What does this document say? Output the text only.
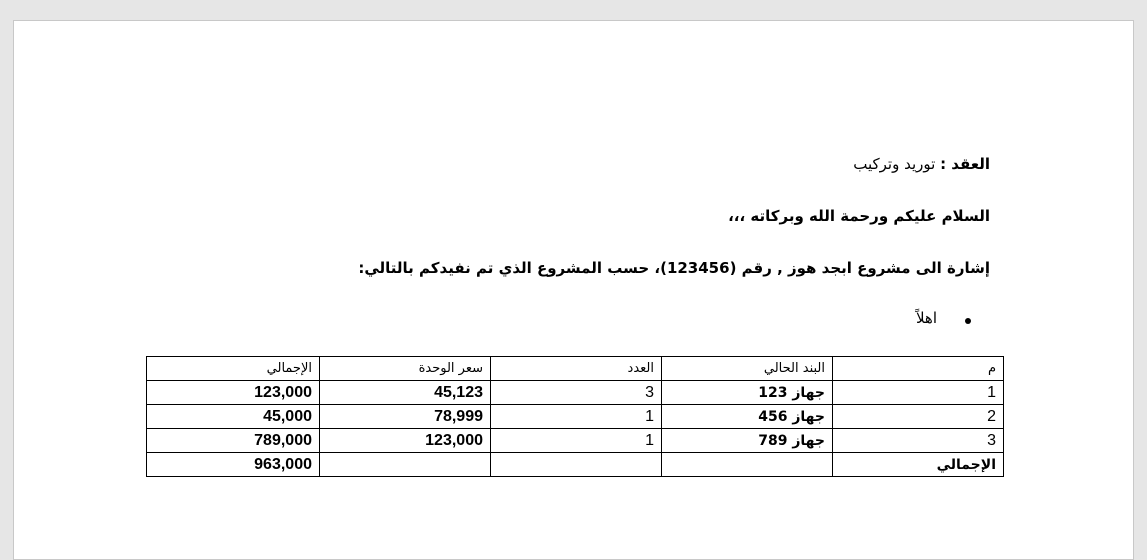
العقد : توريد وتركيب
السلام عليكم ورحمة الله وبركاته ،،،
إشارة الى مشروع ابجد هوز , رقم (123456)، حسب المشروع الذي تم نفيدكم بالتالي:
اهلاً
م	البند الحالي	العدد	سعر الوحدة	الإجمالي
1	جهاز 123	3	45,123	123,000
2	جهاز 456	1	78,999	45,000
3	جهاز 789	1	123,000	789,000
الإجمالي				963,000
